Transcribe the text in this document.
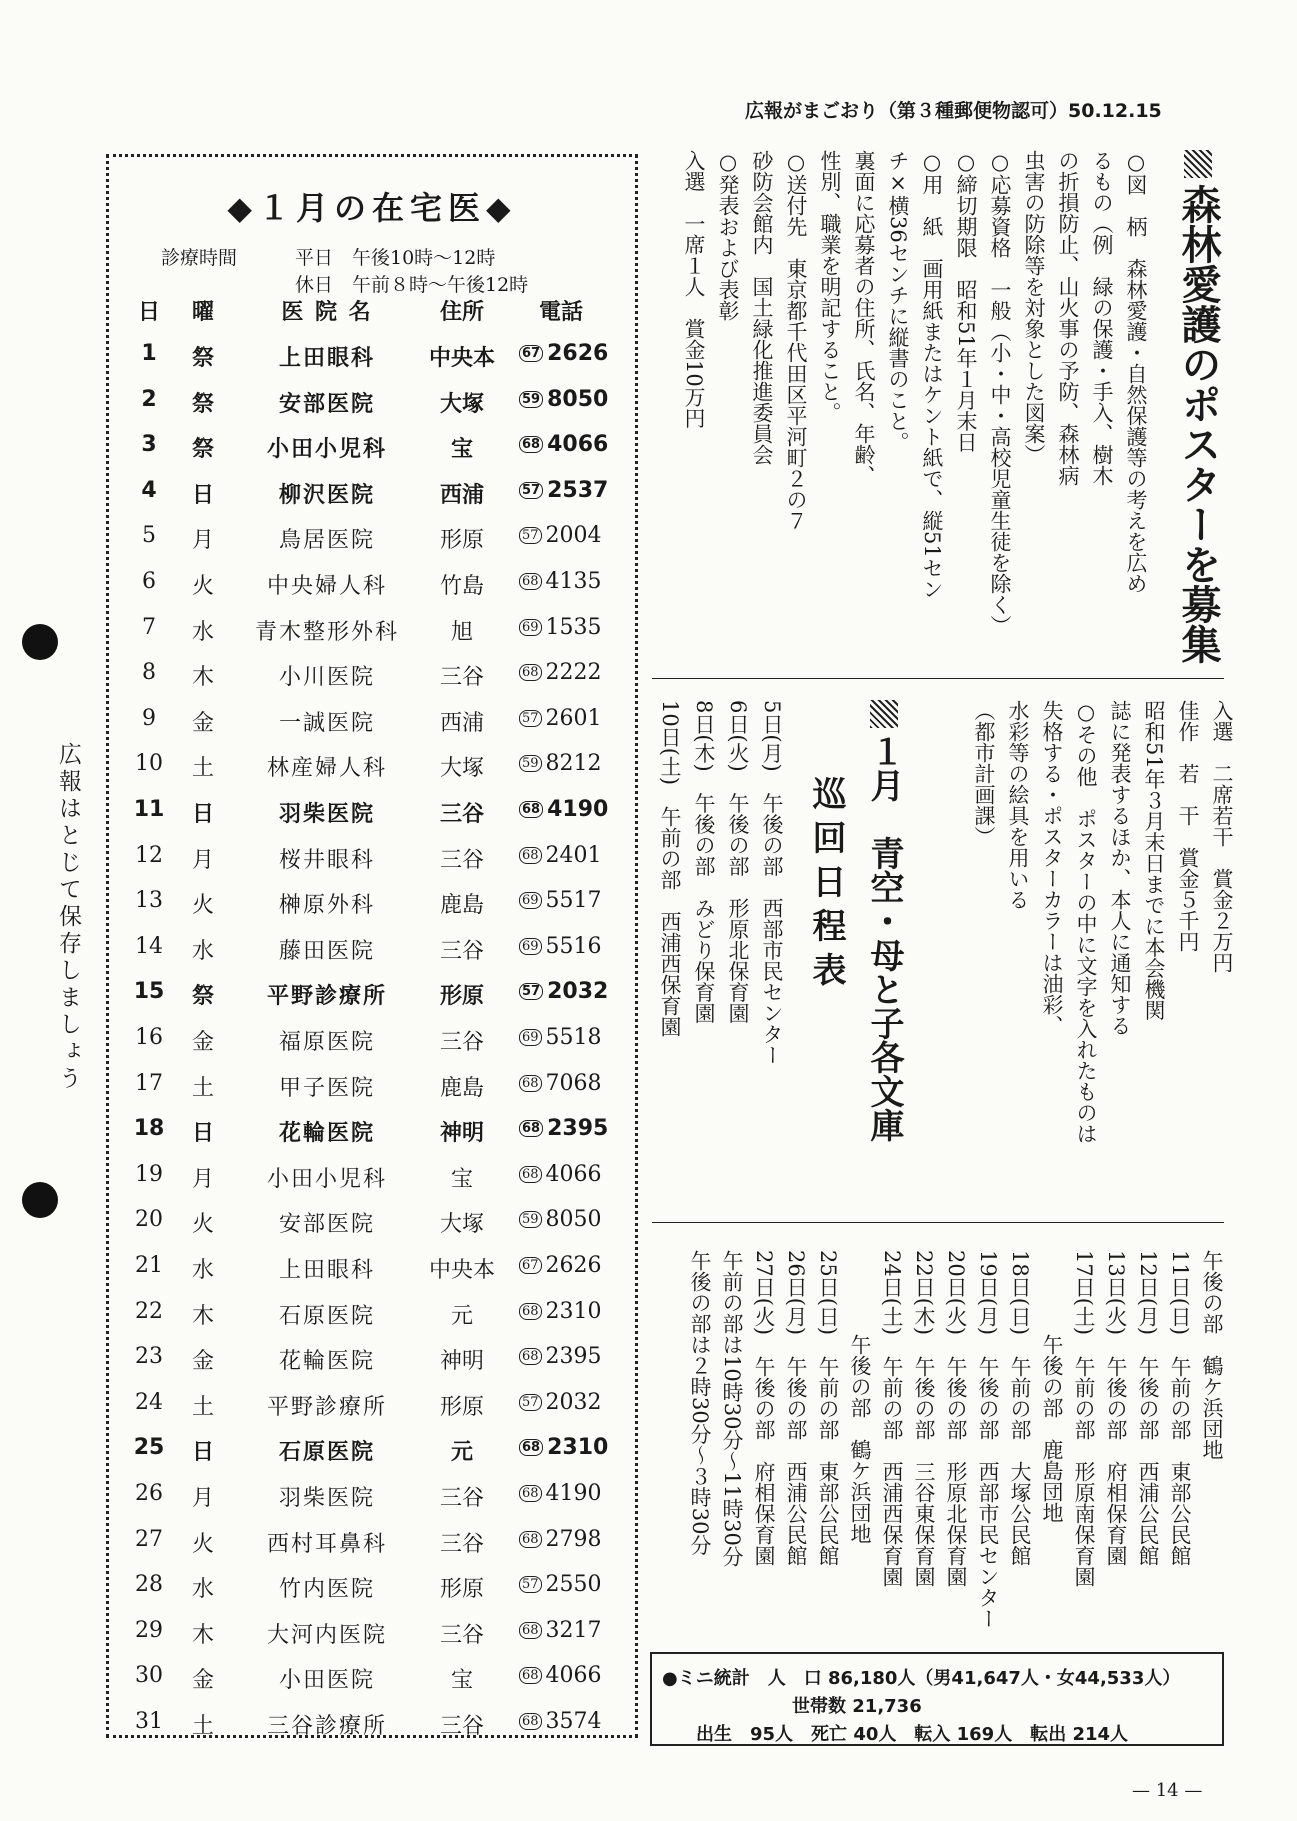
広報がまごおり（第３種郵便物認可）50.12.15
広報はとじて保存しましょう
◆１月の在宅医◆
診療時間	平日　午後10時～12時
休日　午前８時～午後12時
日	曜	医 院 名	住所	電話
1	祭	上田眼科	中央本	67 2626
2	祭	安部医院	大塚	59 8050
3	祭	小田小児科	宝	68 4066
4	日	柳沢医院	西浦	57 2537
5	月	鳥居医院	形原	57 2004
6	火	中央婦人科	竹島	68 4135
7	水	青木整形外科	旭	69 1535
8	木	小川医院	三谷	68 2222
9	金	一誠医院	西浦	57 2601
10	土	林産婦人科	大塚	59 8212
11	日	羽柴医院	三谷	68 4190
12	月	桜井眼科	三谷	68 2401
13	火	榊原外科	鹿島	69 5517
14	水	藤田医院	三谷	69 5516
15	祭	平野診療所	形原	57 2032
16	金	福原医院	三谷	69 5518
17	土	甲子医院	鹿島	68 7068
18	日	花輪医院	神明	68 2395
19	月	小田小児科	宝	68 4066
20	火	安部医院	大塚	59 8050
21	水	上田眼科	中央本	67 2626
22	木	石原医院	元	68 2310
23	金	花輪医院	神明	68 2395
24	土	平野診療所	形原	57 2032
25	日	石原医院	元	68 2310
26	月	羽柴医院	三谷	68 4190
27	火	西村耳鼻科	三谷	68 2798
28	水	竹内医院	形原	57 2550
29	木	大河内医院	三谷	68 3217
30	金	小田医院	宝	68 4066
31	土	三谷診療所	三谷	68 3574
森林愛護のポスターを募集
○図　柄　森林愛護・自然保護等の考えを広め
るもの（例　緑の保護・手入、樹木
の折損防止、山火事の予防、森林病
虫害の防除等を対象とした図案）
○応募資格　一般（小・中・高校児童生徒を除く）
○締切期限　昭和51年１月末日
○用　紙　画用紙またはケント紙で、縦51セン
チ×横36センチに縦書のこと。
裏面に応募者の住所、氏名、年齢、
性別、職業を明記すること。
○送付先　東京都千代田区平河町２の７
砂防会館内　国土緑化推進委員会
○発表および表彰
入選　一席１人　賞金10万円
入選　二席若干　賞金２万円
佳作　若　干　賞金５千円
昭和51年３月末日までに本会機関
誌に発表するほか、本人に通知する
○その他　ポスターの中に文字を入れたものは
失格する・ポスターカラーは油彩、
水彩等の絵具を用いる
（都市計画課）
１月　青空・母と子各文庫
巡回日程表
5日(月)　午後の部　西部市民センター
6日(火)　午後の部　形原北保育園
8日(木)　午後の部　みどり保育園
10日(土)　午前の部　西浦西保育園
午後の部　鶴ケ浜団地
11日(日)　午前の部　東部公民館
12日(月)　午後の部　西浦公民館
13日(火)　午後の部　府相保育園
17日(土)　午前の部　形原南保育園
　　　　午後の部　鹿島団地
18日(日)　午前の部　大塚公民館
19日(月)　午後の部　西部市民センター
20日(火)　午後の部　形原北保育園
22日(木)　午後の部　三谷東保育園
24日(土)　午前の部　西浦西保育園
　　　　午後の部　鶴ケ浜団地
25日(日)　午前の部　東部公民館
26日(月)　午後の部　西浦公民館
27日(火)　午後の部　府相保育園
午前の部は10時30分～11時30分
午後の部は２時30分～３時30分
●ミニ統計　人　口 86,180人（男41,647人・女44,533人）
世帯数 21,736
出生　95人　死亡 40人　転入 169人　転出 214人
— 14 —
